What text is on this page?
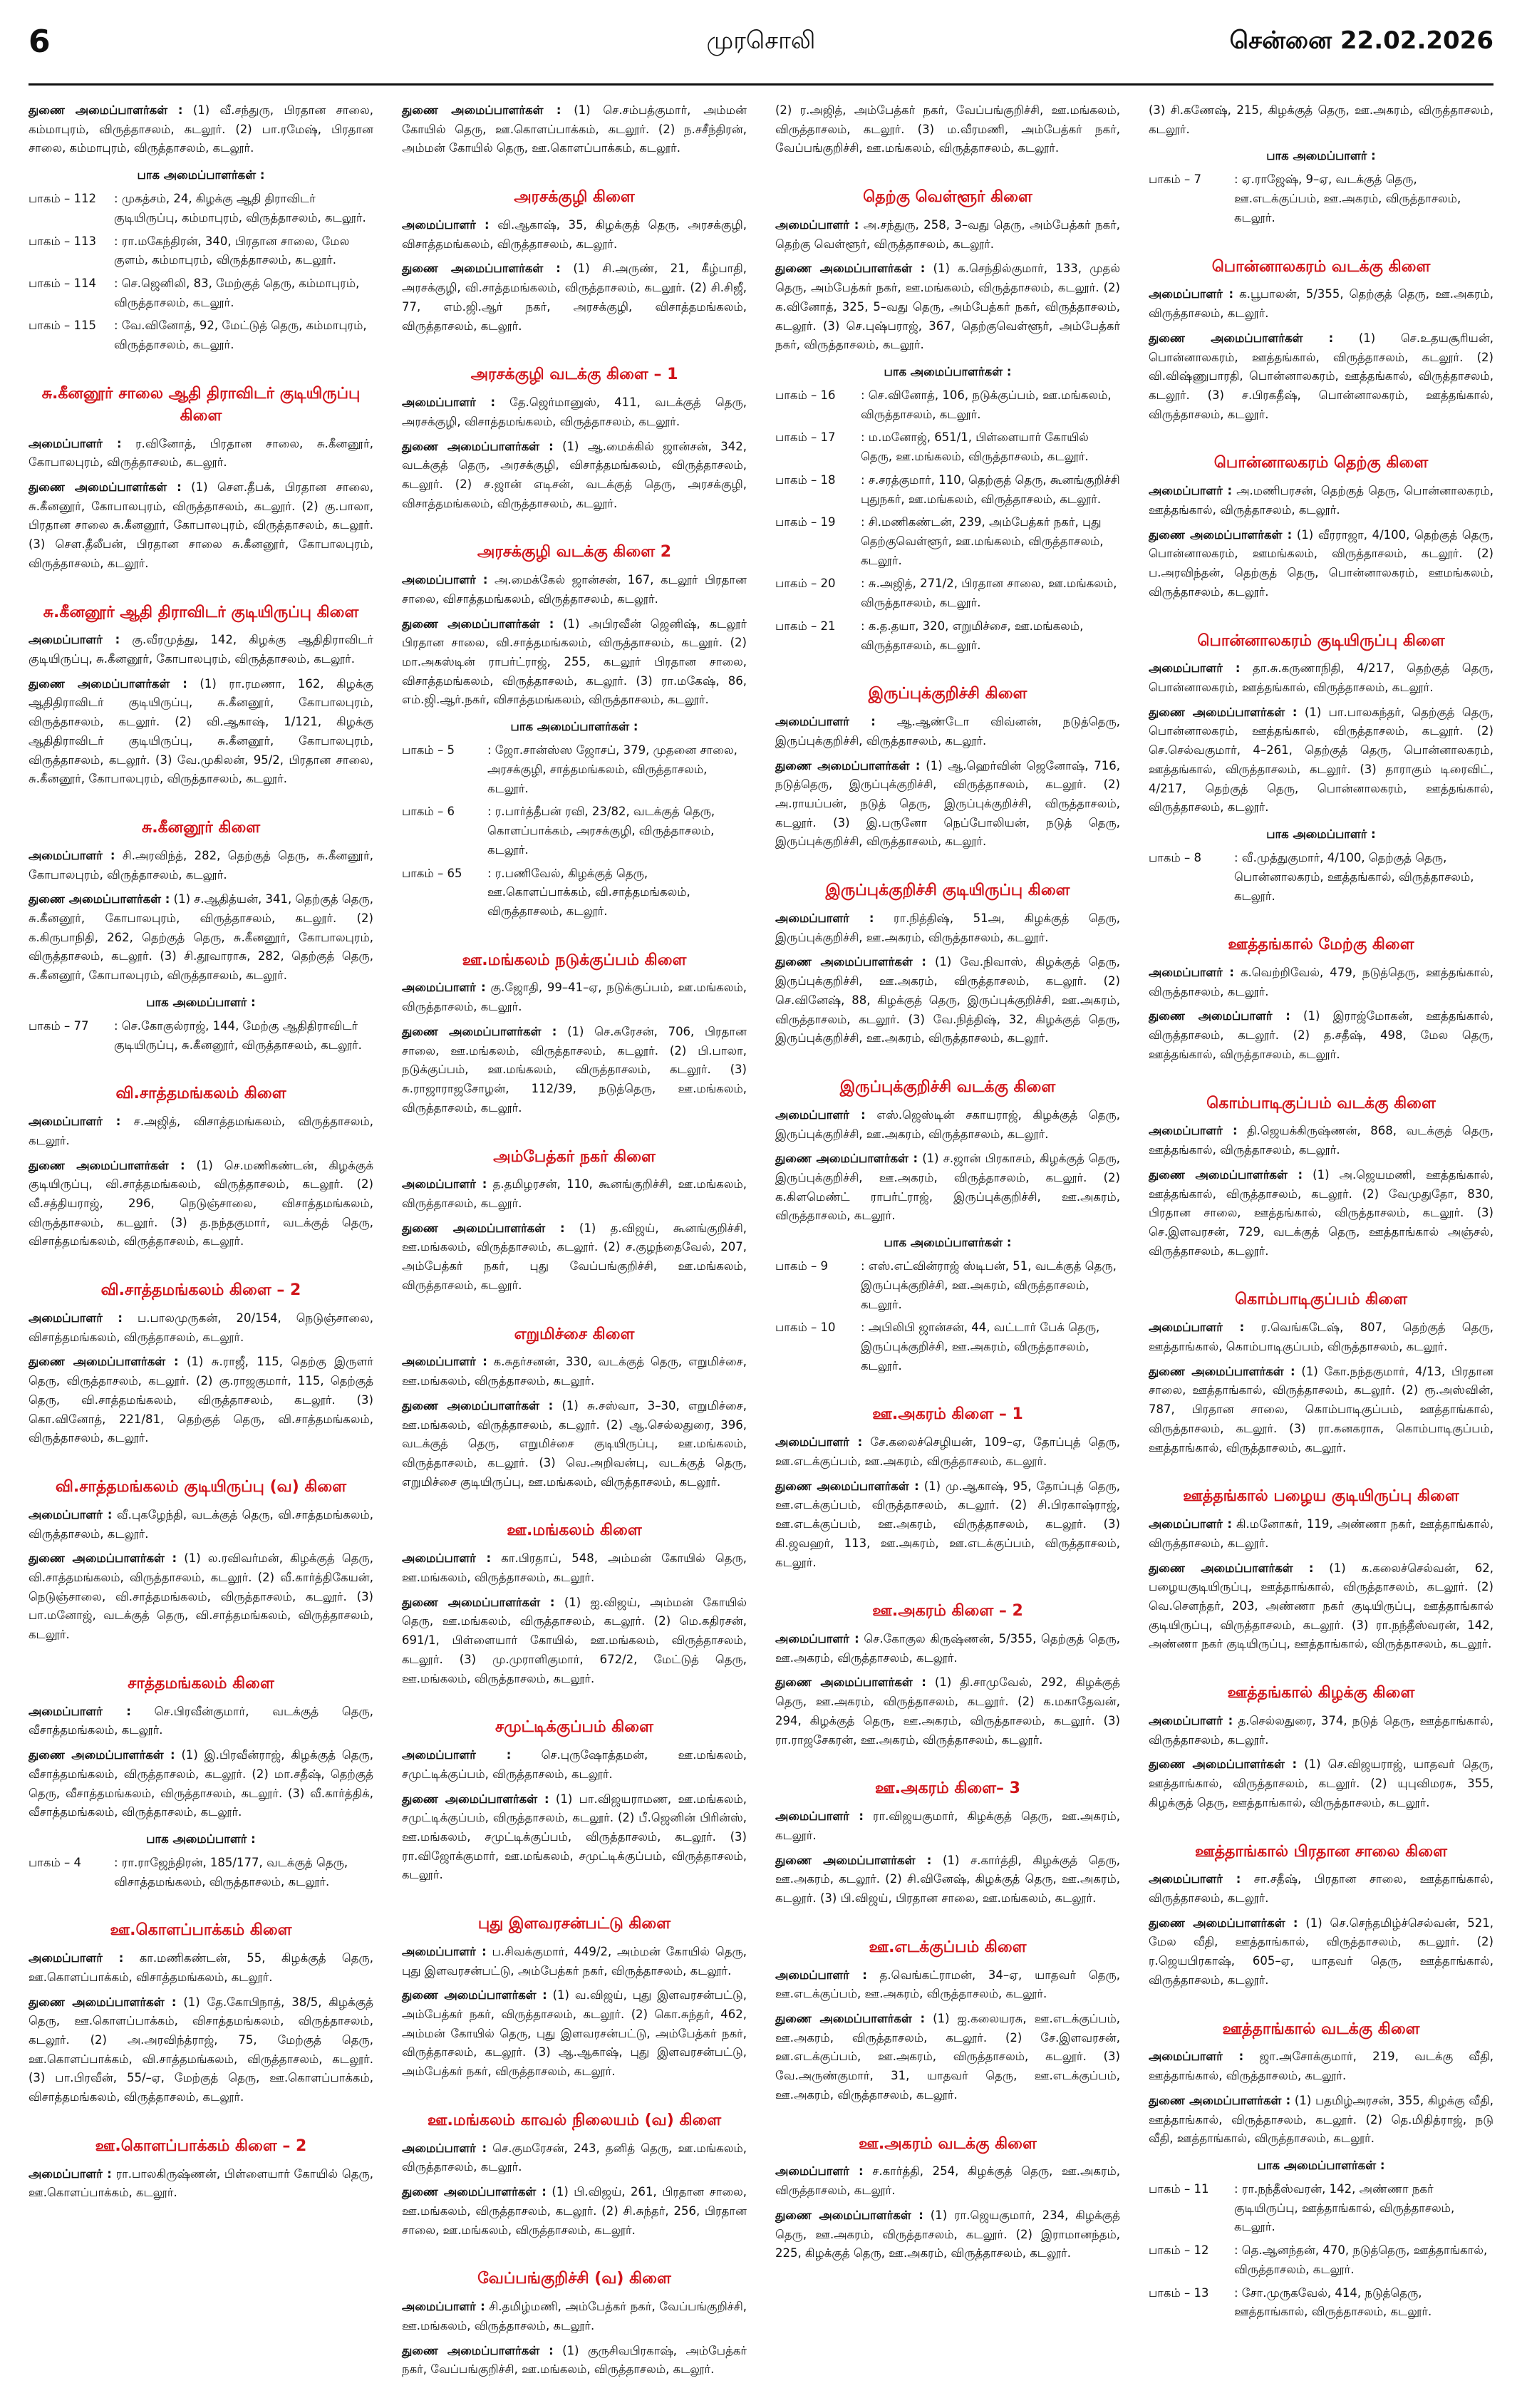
6	முரசொலி	சென்னை 22.02.2026
துணை அமைப்பாளர்கள் : (1) வீ.சந்துரு, பிரதான சாலை, கம்மாபுரம், விருத்தாசலம், கடலூர். (2) பா.ரமேஷ், பிரதான சாலை, கம்மாபுரம், விருத்தாசலம், கடலூர்.
பாக அமைப்பாளர்கள் :
பாகம் – 112	: முகத்சம், 24, கிழக்கு ஆதி திராவிடர் குடியிருப்பு, கம்மாபுரம், விருத்தாசலம், கடலூர்.
பாகம் – 113	: ரா.மகேந்திரன், 340, பிரதான சாலை, மேல குளம், கம்மாபுரம், விருத்தாசலம், கடலூர்.
பாகம் – 114	: செ.ஜெனிலி, 83, மேற்குத் தெரு, கம்மாபுரம், விருத்தாசலம், கடலூர்.
பாகம் – 115	: வே.வினோத், 92, மேட்டுத் தெரு, கம்மாபுரம், விருத்தாசலம், கடலூர்.
சு.கீனனூர் சாலை ஆதி திராவிடர் குடியிருப்பு கிளை
அமைப்பாளர் : ர.வினோத், பிரதான சாலை, சு.கீனனூர், கோபாலபுரம், விருத்தாசலம், கடலூர்.
துணை அமைப்பாளர்கள் : (1) செள.தீபக், பிரதான சாலை, சு.கீனனூர், கோபாலபுரம், விருத்தாசலம், கடலூர். (2) கு.பாலா, பிரதான சாலை சு.கீனனூர், கோபாலபுரம், விருத்தாசலம், கடலூர். (3) செள.தீலீபன், பிரதான சாலை சு.கீனனூர், கோபாலபுரம், விருத்தாசலம், கடலூர்.
சு.கீனனூர் ஆதி திராவிடர் குடியிருப்பு கிளை
அமைப்பாளர் : கு.வீரமுத்து, 142, கிழக்கு ஆதிதிராவிடர் குடியிருப்பு, சு.கீனனூர், கோபாலபுரம், விருத்தாசலம், கடலூர்.
துணை அமைப்பாளர்கள் : (1) ரா.ரமணா, 162, கிழக்கு ஆதிதிராவிடர் குடியிருப்பு, சு.கீனனூர், கோபாலபுரம், விருத்தாசலம், கடலூர். (2) வி.ஆகாஷ், 1/121, கிழக்கு ஆதிதிராவிடர் குடியிருப்பு, சு.கீனனூர், கோபாலபுரம், விருத்தாசலம், கடலூர். (3) வே.முகிலன், 95/2, பிரதான சாலை, சு.கீனனூர், கோபாலபுரம், விருத்தாசலம், கடலூர்.
சு.கீனனூர் கிளை
அமைப்பாளர் : சி.அரவிந்த், 282, தெற்குத் தெரு, சு.கீனனூர், கோபாலபுரம், விருத்தாசலம், கடலூர்.
துணை அமைப்பாளர்கள் : (1) ச.ஆதித்யன், 341, தெற்குத் தெரு, சு.கீனனூர், கோபாலபுரம், விருத்தாசலம், கடலூர். (2) க.கிருபாநிதி, 262, தெற்குத் தெரு, சு.கீனனூர், கோபாலபுரம், விருத்தாசலம், கடலூர். (3) சி.தூவாராசு, 282, தெற்குத் தெரு, சு.கீனனூர், கோபாலபுரம், விருத்தாசலம், கடலூர்.
பாக அமைப்பாளர் :
பாகம் – 77	: செ.கோகுல்ராஜ், 144, மேற்கு ஆதிதிராவிடர் குடியிருப்பு, சு.கீனனூர், விருத்தாசலம், கடலூர்.
வி.சாத்தமங்கலம் கிளை
அமைப்பாளர் : ச.அஜித், விசாத்தமங்கலம், விருத்தாசலம், கடலூர்.
துணை அமைப்பாளர்கள் : (1) செ.மணிகண்டன், கிழக்குக் குடியிருப்பு, வி.சாத்தமங்கலம், விருத்தாசலம், கடலூர். (2) வீ.சத்தியராஜ், 296, நெடுஞ்சாலை, விசாத்தமங்கலம், விருத்தாசலம், கடலூர். (3) த.நந்தகுமார், வடக்குத் தெரு, விசாத்தமங்கலம், விருத்தாசலம், கடலூர்.
வி.சாத்தமங்கலம் கிளை – 2
அமைப்பாளர் : ப.பாலமுருகன், 20/154, நெடுஞ்சாலை, விசாத்தமங்கலம், விருத்தாசலம், கடலூர்.
துணை அமைப்பாளர்கள் : (1) சு.ராஜீ, 115, தெற்கு இருளர் தெரு, விருத்தாசலம், கடலூர். (2) கு.ராஜகுமார், 115, தெற்குத் தெரு, வி.சாத்தமங்கலம், விருத்தாசலம், கடலூர். (3) கொ.வினோத், 221/81, தெற்குத் தெரு, வி.சாத்தமங்கலம், விருத்தாசலம், கடலூர்.
வி.சாத்தமங்கலம் குடியிருப்பு (வ) கிளை
அமைப்பாளர் : வீ.புகழேந்தி, வடக்குத் தெரு, வி.சாத்தமங்கலம், விருத்தாசலம், கடலூர்.
துணை அமைப்பாளர்கள் : (1) ல.ரவிவர்மன், கிழக்குத் தெரு, வி.சாத்தமங்கலம், விருத்தாசலம், கடலூர். (2) வீ.கார்த்திகேயன், நெடுஞ்சாலை, வி.சாத்தமங்கலம், விருத்தாசலம், கடலூர். (3) பா.மனோஜ், வடக்குத் தெரு, வி.சாத்தமங்கலம், விருத்தாசலம், கடலூர்.
சாத்தமங்கலம் கிளை
அமைப்பாளர் : செ.பிரவீன்குமார், வடக்குத் தெரு, வீசாத்தமங்கலம், கடலூர்.
துணை அமைப்பாளர்கள் : (1) இ.பிரவீன்ராஜ், கிழக்குத் தெரு, வீசாத்தமங்கலம், விருத்தாசலம், கடலூர். (2) மா.சதீஷ், தெற்குத் தெரு, வீசாத்தமங்கலம், விருத்தாசலம், கடலூர். (3) வீ.கார்த்திக், வீசாத்தமங்கலம், விருத்தாசலம், கடலூர்.
பாக அமைப்பாளர் :
பாகம் – 4	: ரா.ராஜேந்திரன், 185/177, வடக்குத் தெரு, விசாத்தமங்கலம், விருத்தாசலம், கடலூர்.
ஊ.கொளப்பாக்கம் கிளை
அமைப்பாளர் : கா.மணிகண்டன், 55, கிழக்குத் தெரு, ஊ.கொளப்பாக்கம், விசாத்தமங்கலம், கடலூர்.
துணை அமைப்பாளர்கள் : (1) தே.கோபிநாத், 38/5, கிழக்குத் தெரு, ஊ.கொளப்பாக்கம், விசாத்தமங்கலம், விருத்தாசலம், கடலூர். (2) அ.அரவிந்த்ராஜ், 75, மேற்குத் தெரு, ஊ.கொளப்பாக்கம், வி.சாத்தமங்கலம், விருத்தாசலம், கடலூர். (3) பா.பிரவீன், 55/–ஏ, மேற்குத் தெரு, ஊ.கொளப்பாக்கம், விசாத்தமங்கலம், விருத்தாசலம், கடலூர்.
ஊ.கொளப்பாக்கம் கிளை – 2
அமைப்பாளர் : ரா.பாலகிருஷ்ணன், பிள்ளையார் கோயில் தெரு, ஊ.கொளப்பாக்கம், கடலூர்.
துணை அமைப்பாளர்கள் : (1) செ.சம்பத்குமார், அம்மன் கோயில் தெரு, ஊ.கொளப்பாக்கம், கடலூர். (2) ந.சசீந்திரன், அம்மன் கோயில் தெரு, ஊ.கொளப்பாக்கம், கடலூர்.
அரசக்குழி கிளை
அமைப்பாளர் : வி.ஆகாஷ், 35, கிழக்குத் தெரு, அரசக்குழி, விசாத்தமங்கலம், விருத்தாசலம், கடலூர்.
துணை அமைப்பாளர்கள் : (1) சி.அருண், 21, கீழ்பாதி, அரசக்குழி, வி.சாத்தமங்கலம், விருத்தாசலம், கடலூர். (2) சி.சிஜீ, 77, எம்.ஜி.ஆர் நகர், அரசக்குழி, விசாத்தமங்கலம், விருத்தாசலம், கடலூர்.
அரசக்குழி வடக்கு கிளை – 1
அமைப்பாளர் : தே.ஜெர்மானுஸ், 411, வடக்குத் தெரு, அரசக்குழி, விசாத்தமங்கலம், விருத்தாசலம், கடலூர்.
துணை அமைப்பாளர்கள் : (1) ஆ.மைக்கில் ஜான்சன், 342, வடக்குத் தெரு, அரசக்குழி, விசாத்தமங்கலம், விருத்தாசலம், கடலூர். (2) ச.ஜான் எடிசன், வடக்குத் தெரு, அரசக்குழி, விசாத்தமங்கலம், விருத்தாசலம், கடலூர்.
அரசக்குழி வடக்கு கிளை 2
அமைப்பாளர் : அ.மைக்கேல் ஜான்சன், 167, கடலூர் பிரதான சாலை, விசாத்தமங்கலம், விருத்தாசலம், கடலூர்.
துணை அமைப்பாளர்கள் : (1) அபிரவீன் ஜெனிஷ், கடலூர் பிரதான சாலை, வி.சாத்தமங்கலம், விருத்தாசலம், கடலூர். (2) மா.அகஸ்டின் ராபர்ட்ராஜ், 255, கடலூர் பிரதான சாலை, விசாத்தமங்கலம், விருத்தாசலம், கடலூர். (3) ரா.மகேஷ், 86, எம்.ஜி.ஆர்.நகர், விசாத்தமங்கலம், விருத்தாசலம், கடலூர்.
பாக அமைப்பாளர்கள் :
பாகம் – 5	: ஜோ.சான்ஸ்ஸ ஜோசப், 379, முதனை சாலை, அரசக்குழி, சாத்தமங்கலம், விருத்தாசலம், கடலூர்.
பாகம் – 6	: ர.பார்த்தீபன் ரவி, 23/82, வடக்குத் தெரு, கொளப்பாக்கம், அரசக்குழி, விருத்தாசலம், கடலூர்.
பாகம் – 65	: ர.பணிவேல், கிழக்குத் தெரு, ஊ.கொளப்பாக்கம், வி.சாத்தமங்கலம், விருத்தாசலம், கடலூர்.
ஊ.மங்கலம் நடுக்குப்பம் கிளை
அமைப்பாளர் : கு.ஜோதி, 99–41–ஏ, நடுக்குப்பம், ஊ.மங்கலம், விருத்தாசலம், கடலூர்.
துணை அமைப்பாளர்கள் : (1) செ.சுரேசன், 706, பிரதான சாலை, ஊ.மங்கலம், விருத்தாசலம், கடலூர். (2) பி.பாலா, நடுக்குப்பம், ஊ.மங்கலம், விருத்தாசலம், கடலூர். (3) சு.ராஜாராஜசோழன், 112/39, நடுத்தெரு, ஊ.மங்கலம், விருத்தாசலம், கடலூர்.
அம்பேத்கர் நகர் கிளை
அமைப்பாளர் : த.தமிழரசன், 110, கூனங்குறிச்சி, ஊ.மங்கலம், விருத்தாசலம், கடலூர்.
துணை அமைப்பாளர்கள் : (1) த.விஜய், கூனங்குறிச்சி, ஊ.மங்கலம், விருத்தாசலம், கடலூர். (2) ச.குழந்தைவேல், 207, அம்பேத்கர் நகர், புது வேப்பங்குறிச்சி, ஊ.மங்கலம், விருத்தாசலம், கடலூர்.
எறுமிச்சை கிளை
அமைப்பாளர் : க.சுதர்சனன், 330, வடக்குத் தெரு, எறுமிச்சை, ஊ.மங்கலம், விருத்தாசலம், கடலூர்.
துணை அமைப்பாளர்கள் : (1) சு.சஸ்வா, 3–30, எறுமிச்சை, ஊ.மங்கலம், விருத்தாசலம், கடலூர். (2) ஆ.செல்லதுரை, 396, வடக்குத் தெரு, எறுமிச்சை குடியிருப்பு, ஊ.மங்கலம், விருத்தாசலம், கடலூர். (3) வெ.அறிவன்பு, வடக்குத் தெரு, எறுமிச்சை குடியிருப்பு, ஊ.மங்கலம், விருத்தாசலம், கடலூர்.
ஊ.மங்கலம் கிளை
அமைப்பாளர் : கா.பிரதாப், 548, அம்மன் கோயில் தெரு, ஊ.மங்கலம், விருத்தாசலம், கடலூர்.
துணை அமைப்பாளர்கள் : (1) ஐ.விஜய், அம்மன் கோயில் தெரு, ஊ.மங்கலம், விருத்தாசலம், கடலூர். (2) மெ.கதிரசன், 691/1, பிள்ளையார் கோயில், ஊ.மங்கலம், விருத்தாசலம், கடலூர். (3) மு.முராளிகுமார், 672/2, மேட்டுத் தெரு, ஊ.மங்கலம், விருத்தாசலம், கடலூர்.
சமுட்டிக்குப்பம் கிளை
அமைப்பாளர் : செ.புருஷோத்தமன், ஊ.மங்கலம், சமுட்டிக்குப்பம், விருத்தாசலம், கடலூர்.
துணை அமைப்பாளர்கள் : (1) பா.விஜயராமண, ஊ.மங்கலம், சமுட்டிக்குப்பம், விருத்தாசலம், கடலூர். (2) பீ.ஜெனின் பிரின்ஸ், ஊ.மங்கலம், சமுட்டிக்குப்பம், விருத்தாசலம், கடலூர். (3) ரா.விஜோக்குமார், ஊ.மங்கலம், சமுட்டிக்குப்பம், விருத்தாசலம், கடலூர்.
புது இளவரசன்பட்டு கிளை
அமைப்பாளர் : ப.சிவக்குமார், 449/2, அம்மன் கோயில் தெரு, புது இளவரசன்பட்டு, அம்பேத்கர் நகர், விருத்தாசலம், கடலூர்.
துணை அமைப்பாளர்கள் : (1) வ.விஜய், புது இளவரசன்பட்டு, அம்பேத்கர் நகர், விருத்தாசலம், கடலூர். (2) கொ.சுந்தர், 462, அம்மன் கோயில் தெரு, புது இளவரசன்பட்டு, அம்பேத்கர் நகர், விருத்தாசலம், கடலூர். (3) ஆ.ஆகாஷ், புது இளவரசன்பட்டு, அம்பேத்கர் நகர், விருத்தாசலம், கடலூர்.
ஊ.மங்கலம் காவல் நிலையம் (வ) கிளை
அமைப்பாளர் : செ.குமரேசன், 243, தனித் தெரு, ஊ.மங்கலம், விருத்தாசலம், கடலூர்.
துணை அமைப்பாளர்கள் : (1) பி.விஜய், 261, பிரதான சாலை, ஊ.மங்கலம், விருத்தாசலம், கடலூர். (2) சி.சுந்தர், 256, பிரதான சாலை, ஊ.மங்கலம், விருத்தாசலம், கடலூர்.
வேப்பங்குறிச்சி (வ) கிளை
அமைப்பாளர் : சி.தமிழ்மணி, அம்பேத்கர் நகர், வேப்பங்குறிச்சி, ஊ.மங்கலம், விருத்தாசலம், கடலூர்.
துணை அமைப்பாளர்கள் : (1) குருசிவபிரகாஷ், அம்பேத்கர் நகர், வேப்பங்குறிச்சி, ஊ.மங்கலம், விருத்தாசலம், கடலூர்.
(2) ர.அஜித், அம்பேத்கர் நகர், வேப்பங்குறிச்சி, ஊ.மங்கலம், விருத்தாசலம், கடலூர். (3) ம.வீரமணி, அம்பேத்கர் நகர், வேப்பங்குறிச்சி, ஊ.மங்கலம், விருத்தாசலம், கடலூர்.
தெற்கு வெள்ளூர் கிளை
அமைப்பாளர் : அ.சந்துரு, 258, 3–வது தெரு, அம்பேத்கர் நகர், தெற்கு வெள்ளூர், விருத்தாசலம், கடலூர்.
துணை அமைப்பாளர்கள் : (1) க.செந்தில்குமார், 133, முதல் தெரு, அம்பேத்கர் நகர், ஊ.மங்கலம், விருத்தாசலம், கடலூர். (2) க.வினோத், 325, 5–வது தெரு, அம்பேத்கர் நகர், விருத்தாசலம், கடலூர். (3) செ.புஷ்பராஜ், 367, தெற்குவெள்ளூர், அம்பேத்கர் நகர், விருத்தாசலம், கடலூர்.
பாக அமைப்பாளர்கள் :
பாகம் – 16	: செ.வினோத், 106, நடுக்குப்பம், ஊ.மங்கலம், விருத்தாசலம், கடலூர்.
பாகம் – 17	: ம.மனோஜ், 651/1, பிள்ளையார் கோயில் தெரு, ஊ.மங்கலம், விருத்தாசலம், கடலூர்.
பாகம் – 18	: ச.சரத்குமார், 110, தெற்குத் தெரு, கூனங்குறிச்சி புதுநகர், ஊ.மங்கலம், விருத்தாசலம், கடலூர்.
பாகம் – 19	: சி.மணிகண்டன், 239, அம்பேத்கர் நகர், புது தெற்குவெள்ளூர், ஊ.மங்கலம், விருத்தாசலம், கடலூர்.
பாகம் – 20	: சு.அஜித், 271/2, பிரதான சாலை, ஊ.மங்கலம், விருத்தாசலம், கடலூர்.
பாகம் – 21	: க.த.தயா, 320, எறுமிச்சை, ஊ.மங்கலம், விருத்தாசலம், கடலூர்.
இருப்புக்குறிச்சி கிளை
அமைப்பாளர் : ஆ.ஆண்டோ விவ்னன், நடுத்தெரு, இருப்புக்குறிச்சி, விருத்தாசலம், கடலூர்.
துணை அமைப்பாளர்கள் : (1) ஆ.ஹெர்வின் ஜெனோஷ், 716, நடுத்தெரு, இருப்புக்குறிச்சி, விருத்தாசலம், கடலூர். (2) அ.ராயப்பன், நடுத் தெரு, இருப்புக்குறிச்சி, விருத்தாசலம், கடலூர். (3) இ.பருனோ நெப்போலியன், நடுத் தெரு, இருப்புக்குறிச்சி, விருத்தாசலம், கடலூர்.
இருப்புக்குறிச்சி குடியிருப்பு கிளை
அமைப்பாளர் : ரா.நித்திஷ், 51அ, கிழக்குத் தெரு, இருப்புக்குறிச்சி, ஊ.அகரம், விருத்தாசலம், கடலூர்.
துணை அமைப்பாளர்கள் : (1) வே.நிவாஸ், கிழக்குத் தெரு, இருப்புக்குறிச்சி, ஊ.அகரம், விருத்தாசலம், கடலூர். (2) செ.வினேஷ், 88, கிழக்குத் தெரு, இருப்புக்குறிச்சி, ஊ.அகரம், விருத்தாசலம், கடலூர். (3) வே.நித்திஷ், 32, கிழக்குத் தெரு, இருப்புக்குறிச்சி, ஊ.அகரம், விருத்தாசலம், கடலூர்.
இருப்புக்குறிச்சி வடக்கு கிளை
அமைப்பாளர் : எஸ்.ஜெஸ்டின் சகாயராஜ், கிழக்குத் தெரு, இருப்புக்குறிச்சி, ஊ.அகரம், விருத்தாசலம், கடலூர்.
துணை அமைப்பாளர்கள் : (1) ச.ஜான் பிரகாசம், கிழக்குத் தெரு, இருப்புக்குறிச்சி, ஊ.அகரம், விருத்தாசலம், கடலூர். (2) க.கிளமெண்ட் ராபர்ட்ராஜ், இருப்புக்குறிச்சி, ஊ.அகரம், விருத்தாசலம், கடலூர்.
பாக அமைப்பாளர்கள் :
பாகம் – 9	: எஸ்.எட்வின்ராஜ் ஸ்டிபன், 51, வடக்குத் தெரு, இருப்புக்குறிச்சி, ஊ.அகரம், விருத்தாசலம், கடலூர்.
பாகம் – 10	: அபிலிபி ஜான்சன், 44, வட்டார் பேக் தெரு, இருப்புக்குறிச்சி, ஊ.அகரம், விருத்தாசலம், கடலூர்.
ஊ.அகரம் கிளை – 1
அமைப்பாளர் : சே.கலைச்செழியன், 109–ஏ, தோப்புத் தெரு, ஊ.எடக்குப்பம், ஊ.அகரம், விருத்தாசலம், கடலூர்.
துணை அமைப்பாளர்கள் : (1) மு.ஆகாஷ், 95, தோப்புத் தெரு, ஊ.எடக்குப்பம், விருத்தாசலம், கடலூர். (2) சி.பிரகாஷ்ராஜ், ஊ.எடக்குப்பம், ஊ.அகரம், விருத்தாசலம், கடலூர். (3) கி.ஜவஹர், 113, ஊ.அகரம், ஊ.எடக்குப்பம், விருத்தாசலம், கடலூர்.
ஊ.அகரம் கிளை – 2
அமைப்பாளர் : செ.கோகுல கிருஷ்ணன், 5/355, தெற்குத் தெரு, ஊ.அகரம், விருத்தாசலம், கடலூர்.
துணை அமைப்பாளர்கள் : (1) தி.சாமுவேல், 292, கிழக்குத் தெரு, ஊ.அகரம், விருத்தாசலம், கடலூர். (2) க.மகாதேவன், 294, கிழக்குத் தெரு, ஊ.அகரம், விருத்தாசலம், கடலூர். (3) ரா.ராஜசேகரன், ஊ.அகரம், விருத்தாசலம், கடலூர்.
ஊ.அகரம் கிளை– 3
அமைப்பாளர் : ரா.விஜயகுமார், கிழக்குத் தெரு, ஊ.அகரம், கடலூர்.
துணை அமைப்பாளர்கள் : (1) ச.கார்த்தி, கிழக்குத் தெரு, ஊ.அகரம், கடலூர். (2) சி.வினேஷ், கிழக்குத் தெரு, ஊ.அகரம், கடலூர். (3) பி.விஜய், பிரதான சாலை, ஊ.மங்கலம், கடலூர்.
ஊ.எடக்குப்பம் கிளை
அமைப்பாளர் : த.வெங்கட்ராமன், 34–ஏ, யாதவர் தெரு, ஊ.எடக்குப்பம், ஊ.அகரம், விருத்தாசலம், கடலூர்.
துணை அமைப்பாளர்கள் : (1) ஐ.கலையரசு, ஊ.எடக்குப்பம், ஊ.அகரம், விருத்தாசலம், கடலூர். (2) சே.இளவரசன், ஊ.எடக்குப்பம், ஊ.அகரம், விருத்தாசலம், கடலூர். (3) வே.அருண்குமார், 31, யாதவர் தெரு, ஊ.எடக்குப்பம், ஊ.அகரம், விருத்தாசலம், கடலூர்.
ஊ.அகரம் வடக்கு கிளை
அமைப்பாளர் : ச.கார்த்தி, 254, கிழக்குத் தெரு, ஊ.அகரம், விருத்தாசலம், கடலூர்.
துணை அமைப்பாளர்கள் : (1) ரா.ஜெயகுமார், 234, கிழக்குத் தெரு, ஊ.அகரம், விருத்தாசலம், கடலூர். (2) இராமானந்தம், 225, கிழக்குத் தெரு, ஊ.அகரம், விருத்தாசலம், கடலூர்.
(3) சி.கணேஷ், 215, கிழக்குத் தெரு, ஊ.அகரம், விருத்தாசலம், கடலூர்.
பாக அமைப்பாளர் :
பாகம் – 7	: ஏ.ராஜேஷ், 9–ஏ, வடக்குத் தெரு, ஊ.எடக்குப்பம், ஊ.அகரம், விருத்தாசலம், கடலூர்.
பொன்னாலகரம் வடக்கு கிளை
அமைப்பாளர் : க.பூபாலன், 5/355, தெற்குத் தெரு, ஊ.அகரம், விருத்தாசலம், கடலூர்.
துணை அமைப்பாளர்கள் : (1) செ.உதயசூரியன், பொன்னாலகரம், ஊத்தங்கால், விருத்தாசலம், கடலூர். (2) வி.விஷ்ணுபாரதி, பொன்னாலகரம், ஊத்தங்கால், விருத்தாசலம், கடலூர். (3) ச.பிரகதீஷ், பொன்னாலகரம், ஊத்தங்கால், விருத்தாசலம், கடலூர்.
பொன்னாலகரம் தெற்கு கிளை
அமைப்பாளர் : அ.மணிபரசன், தெற்குத் தெரு, பொன்னாலகரம், ஊத்தங்கால், விருத்தாசலம், கடலூர்.
துணை அமைப்பாளர்கள் : (1) வீரராஜா, 4/100, தெற்குத் தெரு, பொன்னாலகரம், ஊமங்கலம், விருத்தாசலம், கடலூர். (2) ப.அரவிந்தன், தெற்குத் தெரு, பொன்னாலகரம், ஊமங்கலம், விருத்தாசலம், கடலூர்.
பொன்னாலகரம் குடியிருப்பு கிளை
அமைப்பாளர் : தா.சு.கருணாநிதி, 4/217, தெற்குத் தெரு, பொன்னாலகரம், ஊத்தங்கால், விருத்தாசலம், கடலூர்.
துணை அமைப்பாளர்கள் : (1) பா.பாலகந்தர், தெற்குத் தெரு, பொன்னாலகரம், ஊத்தங்கால், விருத்தாசலம், கடலூர். (2) செ.செல்வகுமார், 4–261, தெற்குத் தெரு, பொன்னாலகரம், ஊத்தங்கால், விருத்தாசலம், கடலூர். (3) தாராகும் டிரைவிட், 4/217, தெற்குத் தெரு, பொன்னாலகரம், ஊத்தங்கால், விருத்தாசலம், கடலூர்.
பாக அமைப்பாளர் :
பாகம் – 8	: வீ.முத்துகுமார், 4/100, தெற்குத் தெரு, பொன்னாலகரம், ஊத்தங்கால், விருத்தாசலம், கடலூர்.
ஊத்தங்கால் மேற்கு கிளை
அமைப்பாளர் : க.வெற்றிவேல், 479, நடுத்தெரு, ஊத்தங்கால், விருத்தாசலம், கடலூர்.
துணை அமைப்பாளர் : (1) இராஜ்மோகன், ஊத்தங்கால், விருத்தாசலம், கடலூர். (2) த.சதீஷ், 498, மேல தெரு, ஊத்தங்கால், விருத்தாசலம், கடலூர்.
கொம்பாடிகுப்பம் வடக்கு கிளை
அமைப்பாளர் : தி.ஜெயக்கிருஷ்ணன், 868, வடக்குத் தெரு, ஊத்தங்கால், விருத்தாசலம், கடலூர்.
துணை அமைப்பாளர்கள் : (1) அ.ஜெயமணி, ஊத்தங்கால், ஊத்தங்கால், விருத்தாசலம், கடலூர். (2) வேமுதுதோ, 830, பிரதான சாலை, ஊத்தங்கால், விருத்தாசலம், கடலூர். (3) செ.இளவரசன், 729, வடக்குத் தெரு, ஊத்தாங்கால் அஞ்சல், விருத்தாசலம், கடலூர்.
கொம்பாடிகுப்பம் கிளை
அமைப்பாளர் : ர.வெங்கடேஷ், 807, தெற்குத் தெரு, ஊத்தாங்கால், கொம்பாடிகுப்பம், விருத்தாசலம், கடலூர்.
துணை அமைப்பாளர்கள் : (1) கோ.நந்தகுமார், 4/13, பிரதான சாலை, ஊத்தாங்கால், விருத்தாசலம், கடலூர். (2) ரூ.அஸ்வின், 787, பிரதான சாலை, கொம்பாடிகுப்பம், ஊத்தாங்கால், விருத்தாசலம், கடலூர். (3) ரா.கனகராசு, கொம்பாடிகுப்பம், ஊத்தாங்கால், விருத்தாசலம், கடலூர்.
ஊத்தங்கால் பழைய குடியிருப்பு கிளை
அமைப்பாளர் : கி.மனோகர், 119, அண்ணா நகர், ஊத்தாங்கால், விருத்தாசலம், கடலூர்.
துணை அமைப்பாளர்கள் : (1) க.கலைச்செல்வன், 62, பழையகுடியிருப்பு, ஊத்தாங்கால், விருத்தாசலம், கடலூர். (2) வெ.செளந்தர், 203, அண்ணா நகர் குடியிருப்பு, ஊத்தாங்கால் குடியிருப்பு, விருத்தாசலம், கடலூர். (3) ரா.நந்தீஸ்வரன், 142, அண்ணா நகர் குடியிருப்பு, ஊத்தாங்கால், விருத்தாசலம், கடலூர்.
ஊத்தங்கால் கிழக்கு கிளை
அமைப்பாளர் : த.செல்லதுரை, 374, நடுத் தெரு, ஊத்தாங்கால், விருத்தாசலம், கடலூர்.
துணை அமைப்பாளர்கள் : (1) செ.விஜயராஜ், யாதவர் தெரு, ஊத்தாங்கால், விருத்தாசலம், கடலூர். (2) யுபுவிமரசு, 355, கிழக்குத் தெரு, ஊத்தாங்கால், விருத்தாசலம், கடலூர்.
ஊத்தாங்கால் பிரதான சாலை கிளை
அமைப்பாளர் : சா.சதீஷ், பிரதான சாலை, ஊத்தாங்கால், விருத்தாசலம், கடலூர்.
துணை அமைப்பாளர்கள் : (1) செ.செந்தமிழ்ச்செல்வன், 521, மேல வீதி, ஊத்தாங்கால், விருத்தாசலம், கடலூர். (2) ர.ஜெயபிரகாஷ், 605–ஏ, யாதவர் தெரு, ஊத்தாங்கால், விருத்தாசலம், கடலூர்.
ஊத்தாங்கால் வடக்கு கிளை
அமைப்பாளர் : ஜா.அசோக்குமார், 219, வடக்கு வீதி, ஊத்தாங்கால், விருத்தாசலம், கடலூர்.
துணை அமைப்பாளர்கள் : (1) பதமிழ்அரசன், 355, கிழக்கு வீதி, ஊத்தாங்கால், விருத்தாசலம், கடலூர். (2) தெ.மிதித்ராஜ், நடு வீதி, ஊத்தாங்கால், விருத்தாசலம், கடலூர்.
பாக அமைப்பாளர்கள் :
பாகம் – 11	: ரா.நந்தீஸ்வரன், 142, அண்ணா நகர் குடியிருப்பு, ஊத்தாங்கால், விருத்தாசலம், கடலூர்.
பாகம் – 12	: தெ.ஆனந்தன், 470, நடுத்தெரு, ஊத்தாங்கால், விருத்தாசலம், கடலூர்.
பாகம் – 13	: சோ.முருகவேல், 414, நடுத்தெரு, ஊத்தாங்கால், விருத்தாசலம், கடலூர்.
